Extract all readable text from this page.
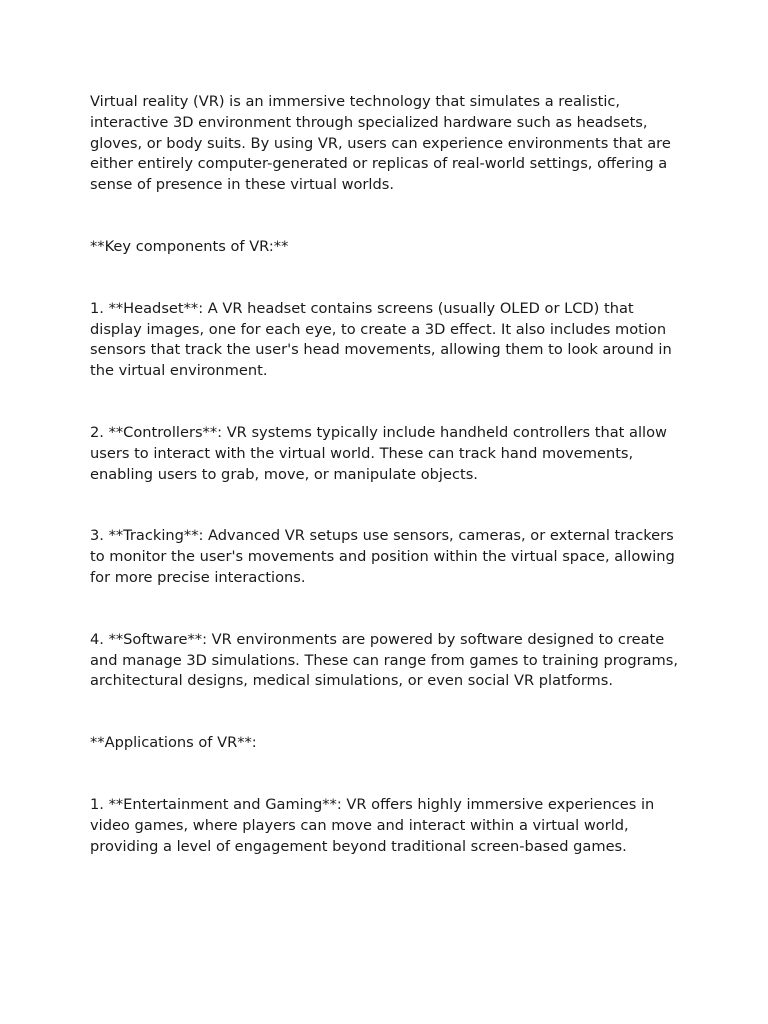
Virtual reality (VR) is an immersive technology that simulates a realistic, interactive 3D environment through specialized hardware such as headsets, gloves, or body suits. By using VR, users can experience environments that are either entirely computer-generated or replicas of real-world settings, offering a sense of presence in these virtual worlds.

**Key components of VR:**

1. **Headset**: A VR headset contains screens (usually OLED or LCD) that display images, one for each eye, to create a 3D effect. It also includes motion sensors that track the user's head movements, allowing them to look around in the virtual environment.

2. **Controllers**: VR systems typically include handheld controllers that allow users to interact with the virtual world. These can track hand movements, enabling users to grab, move, or manipulate objects.

3. **Tracking**: Advanced VR setups use sensors, cameras, or external trackers to monitor the user's movements and position within the virtual space, allowing for more precise interactions.

4. **Software**: VR environments are powered by software designed to create and manage 3D simulations. These can range from games to training programs, architectural designs, medical simulations, or even social VR platforms.

**Applications of VR**:

1. **Entertainment and Gaming**: VR offers highly immersive experiences in video games, where players can move and interact within a virtual world, providing a level of engagement beyond traditional screen-based games.
